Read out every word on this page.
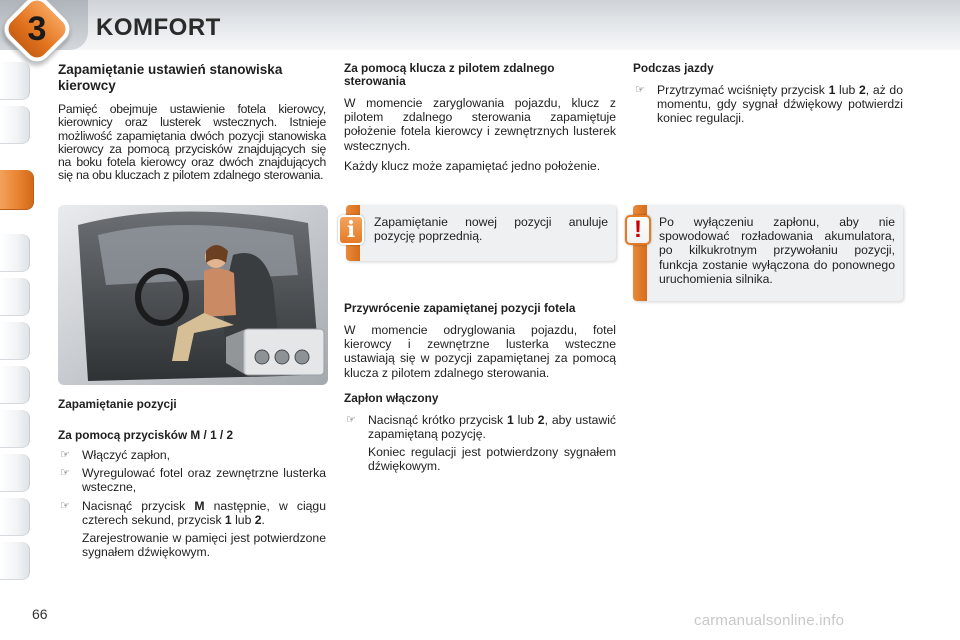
3	KOMFORT
Zapamiętanie ustawień stanowiska kierowcy
Pamięć obejmuje ustawienie fotela kierowcy, kierownicy oraz lusterek wstecznych. Istnieje możliwość zapamiętania dwóch pozycji stanowiska kierowcy za pomocą przycisków znajdujących się na boku fotela kierowcy oraz dwóch znajdujących się na obu kluczach z pilotem zdalnego sterowania.
Zapamiętanie pozycji
Za pomocą przycisków M / 1 / 2
☞ Włączyć zapłon,
☞ Wyregulować fotel oraz zewnętrzne lusterka wsteczne,
☞ Nacisnąć przycisk M następnie, w ciągu czterech sekund, przycisk 1 lub 2.
Zarejestrowanie w pamięci jest potwierdzone sygnałem dźwiękowym.
Za pomocą klucza z pilotem zdalnego sterowania
W momencie zaryglowania pojazdu, klucz z pilotem zdalnego sterowania zapamiętuje położenie fotela kierowcy i zewnętrznych lusterek wstecznych.
Każdy klucz może zapamiętać jedno położenie.
i	Zapamiętanie nowej pozycji anuluje pozycję poprzednią.
Przywrócenie zapamiętanej pozycji fotela
W momencie odryglowania pojazdu, fotel kierowcy i zewnętrzne lusterka wsteczne ustawiają się w pozycji zapamiętanej za pomocą klucza z pilotem zdalnego sterowania.
Zapłon włączony
☞ Nacisnąć krótko przycisk 1 lub 2, aby ustawić zapamiętaną pozycję.
Koniec regulacji jest potwierdzony sygnałem dźwiękowym.
Podczas jazdy
☞ Przytrzymać wciśnięty przycisk 1 lub 2, aż do momentu, gdy sygnał dźwiękowy potwierdzi koniec regulacji.
!	Po wyłączeniu zapłonu, aby nie spowodować rozładowania akumulatora, po kilkukrotnym przywołaniu pozycji, funkcja zostanie wyłączona do ponownego uruchomienia silnika.
66	carmanualsonline.info
